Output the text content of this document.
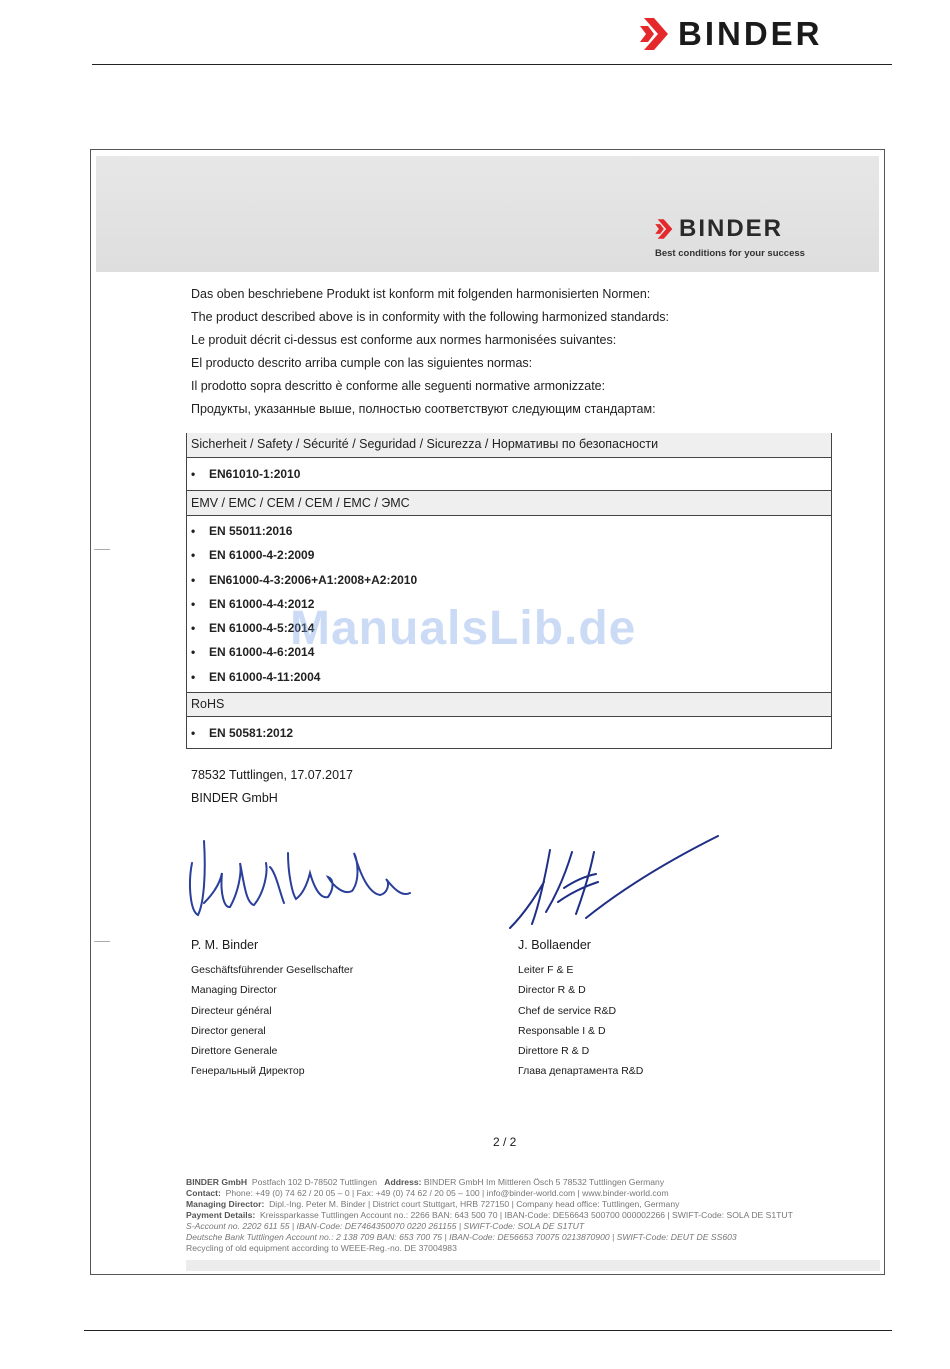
BINDER
BINDER
Best conditions for your success
Das oben beschriebene Produkt ist konform mit folgenden harmonisierten Normen:
The product described above is in conformity with the following harmonized standards:
Le produit décrit ci-dessus est conforme aux normes harmonisées suivantes:
El producto descrito arriba cumple con las siguientes normas:
Il prodotto sopra descritto è conforme alle seguenti normative armonizzate:
Продукты, указанные выше, полностью соответствуют следующим стандартам:
Sicherheit / Safety / Sécurité / Seguridad / Sicurezza / Нормативы по безопасности
• EN61010-1:2010
EMV / EMC / CEM / CEM / EMC / ЭМС
• EN 55011:2016
• EN 61000-4-2:2009
• EN61000-4-3:2006+A1:2008+A2:2010
• EN 61000-4-4:2012
• EN 61000-4-5:2014
• EN 61000-4-6:2014
• EN 61000-4-11:2004
RoHS
• EN 50581:2012
ManualsLib.de
78532 Tuttlingen, 17.07.2017
BINDER GmbH
P. M. Binder
Geschäftsführender Gesellschafter
Managing Director
Directeur général
Director general
Direttore Generale
Генеральный Директор
J. Bollaender
Leiter F & E
Director R & D
Chef de service R&D
Responsable I & D
Direttore R & D
Глава департамента R&D
2 / 2
BINDER GmbH Postfach 102 D-78502 Tuttlingen Address: BINDER GmbH Im Mittleren Ösch 5 78532 Tuttlingen Germany
Contact: Phone: +49 (0) 74 62 / 20 05 – 0 | Fax: +49 (0) 74 62 / 20 05 – 100 | info@binder-world.com | www.binder-world.com
Managing Director: Dipl.-Ing. Peter M. Binder | District court Stuttgart, HRB 727150 | Company head office: Tuttlingen, Germany
Payment Details: Kreissparkasse Tuttlingen Account no.: 2266 BAN: 643 500 70 | IBAN-Code: DE56643 500700 000002266 | SWIFT-Code: SOLA DE S1TUT
S-Account no. 2202 611 55 | IBAN-Code: DE7464350070 0220 261155 | SWIFT-Code: SOLA DE S1TUT
Deutsche Bank Tuttlingen Account no.: 2 138 709 BAN: 653 700 75 | IBAN-Code: DE56653 70075 0213870900 | SWIFT-Code: DEUT DE SS603
Recycling of old equipment according to WEEE-Reg.-no. DE 37004983
